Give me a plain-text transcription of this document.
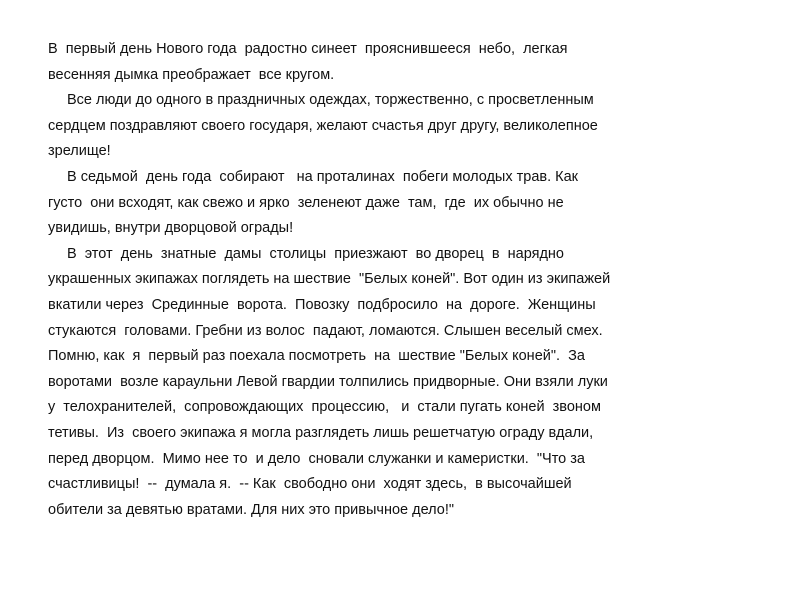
В  первый день Нового года  радостно синеет  прояснившееся  небо,  легкая
весенняя дымка преображает  все кругом.

Все люди до одного в праздничных одеждах, торжественно, с просветленным
сердцем поздравляют своего государя, желают счастья друг другу, великолепное
зрелище!

В седьмой  день года  собирают   на проталинах  побеги молодых трав. Как
густо  они всходят, как свежо и ярко  зеленеют даже  там,  где  их обычно не
увидишь, внутри дворцовой ограды!

В  этот  день  знатные  дамы  столицы  приезжают  во дворец  в  нарядно
украшенных экипажах поглядеть на шествие  "Белых коней". Вот один из экипажей
вкатили через  Срединные  ворота.  Повозку  подбросило  на  дороге.  Женщины
стукаются  головами. Гребни из волос  падают, ломаются. Слышен веселый смех.
Помню, как  я  первый раз поехала посмотреть  на  шествие "Белых коней".  За
воротами  возле караульни Левой гвардии толпились придворные. Они взяли луки
у  телохранителей,  сопровождающих  процессию,   и  стали пугать коней  звоном
тетивы.  Из  своего экипажа я могла разглядеть лишь решетчатую ограду вдали,
перед дворцом.  Мимо нее то  и дело  сновали служанки и камеристки.  "Что за
счастливицы!  --  думала я.  -- Как  свободно они  ходят здесь,  в высочайшей
обители за девятью вратами. Для них это привычное дело!"
